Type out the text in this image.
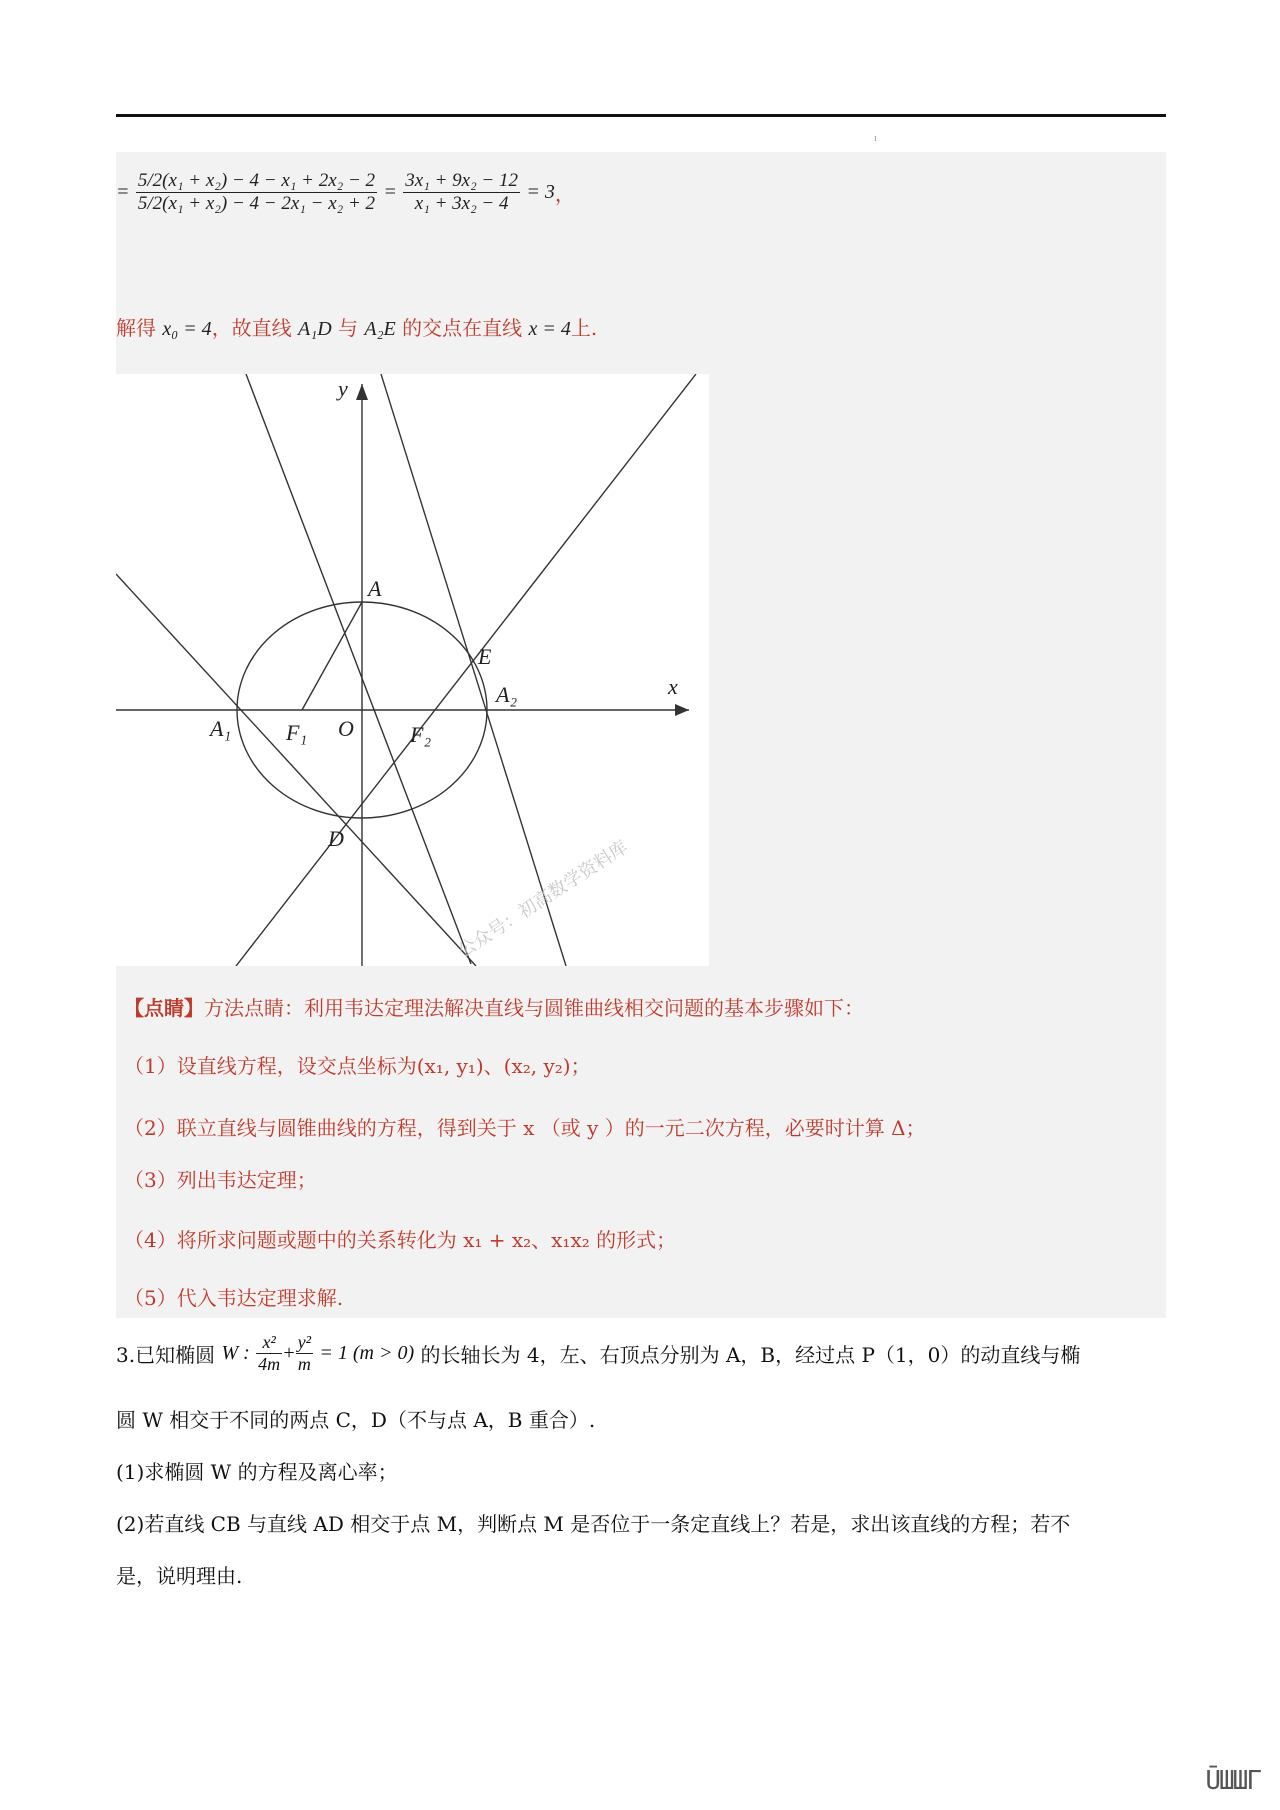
ı
= $\frac{\text{5/2(x₁ + x₂) − 4 − x₁ + 2x₂ − 2}}{\text{5/2(x₁ + x₂) − 4 − 2x₁ − x₂ + 2}} = \frac{\text{3x₁ + 9x₂ − 12}}{\text{x₁ + 3x₂ − 4}} = 3$，
解得 x₀ = 4，故直线 A₁D 与 A₂E 的交点在直线 x = 4上.
y
x
A
E
A₂
A₁ F₁ O	F₂
D	公众号：初高数学资料库
【点睛】方法点睛：利用韦达定理法解决直线与圆锥曲线相交问题的基本步骤如下：
（1）设直线方程，设交点坐标为(x₁, y₁)、(x₂, y₂)；
（2）联立直线与圆锥曲线的方程，得到关于 x （或 y ）的一元二次方程，必要时计算 Δ；
（3）列出韦达定理；
（4）将所求问题或题中的关系转化为 x₁ + x₂、x₁x₂ 的形式；
（5）代入韦达定理求解.
3.已知椭圆 W : $\frac{\text{x²}}{4m} + \frac{\text{y²}}{m} = 1$ (m > 0) 的长轴长为 4，左、右顶点分别为 A，B，经过点 P（1，0）的动直线与椭
圆 W 相交于不同的两点 C，D（不与点 A，B 重合）.
(1)求椭圆 W 的方程及离心率；
(2)若直线 CB 与直线 AD 相交于点 M，判断点 M 是否位于一条定直线上？若是，求出该直线的方程；若不
是，说明理由.
ŪШШГ
